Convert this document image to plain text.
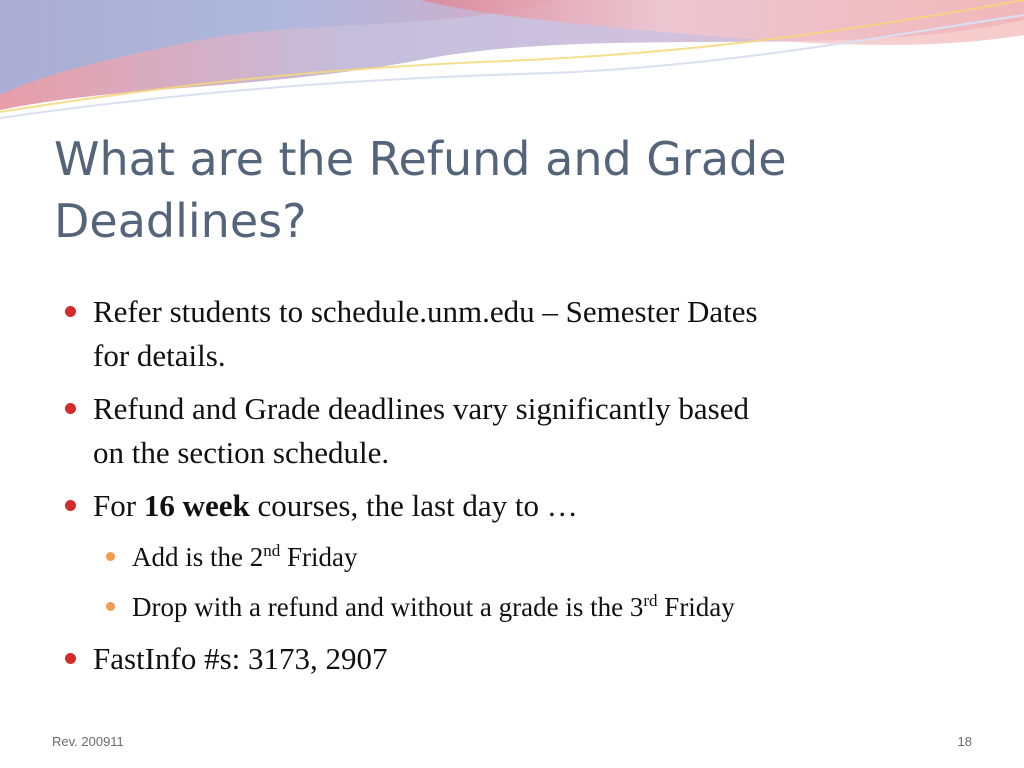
What are the Refund and Grade
Deadlines?
Refer students to schedule.unm.edu – Semester Dates
for details.
Refund and Grade deadlines vary significantly based
on the section schedule.
For 16 week courses, the last day to …
Add is the 2nd Friday
Drop with a refund and without a grade is the 3rd Friday
FastInfo #s: 3173, 2907
Rev. 200911	18
